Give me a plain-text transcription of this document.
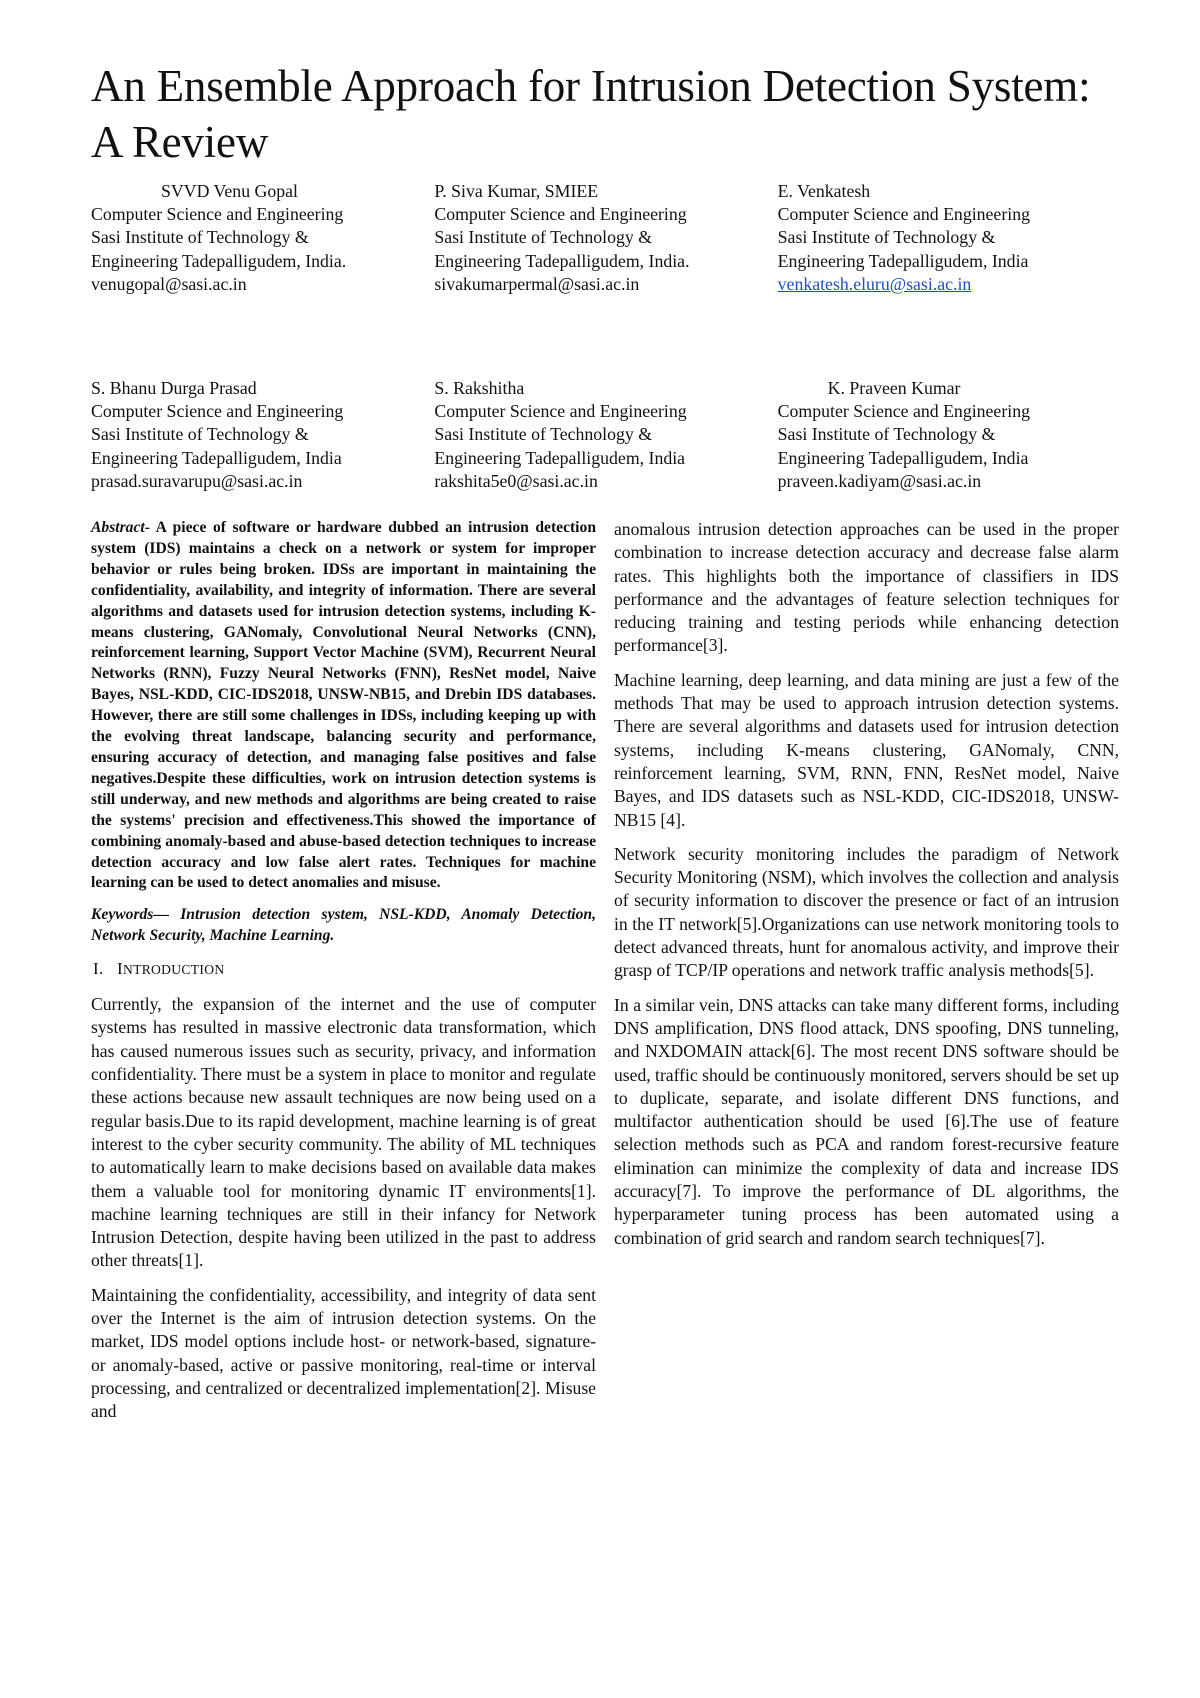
An Ensemble Approach for Intrusion Detection System: A Review
SVVD Venu Gopal
Computer Science and Engineering
Sasi Institute of Technology &
Engineering Tadepalligudem, India.
venugopal@sasi.ac.in
P. Siva Kumar, SMIEE
Computer Science and Engineering
Sasi Institute of Technology &
Engineering Tadepalligudem, India.
sivakumarpermal@sasi.ac.in
E. Venkatesh
Computer Science and Engineering
Sasi Institute of Technology &
Engineering Tadepalligudem, India
venkatesh.eluru@sasi.ac.in
S. Bhanu Durga Prasad
Computer Science and Engineering
Sasi Institute of Technology &
Engineering Tadepalligudem, India
prasad.suravarupu@sasi.ac.in
S. Rakshitha
Computer Science and Engineering
Sasi Institute of Technology &
Engineering Tadepalligudem, India
rakshita5e0@sasi.ac.in
K. Praveen Kumar
Computer Science and Engineering
Sasi Institute of Technology &
Engineering Tadepalligudem, India
praveen.kadiyam@sasi.ac.in

Abstract- A piece of software or hardware dubbed an intrusion detection system (IDS) maintains a check on a network or system for improper behavior or rules being broken. IDSs are important in maintaining the confidentiality, availability, and integrity of information. There are several algorithms and datasets used for intrusion detection systems, including K-means clustering, GANomaly, Convolutional Neural Networks (CNN), reinforcement learning, Support Vector Machine (SVM), Recurrent Neural Networks (RNN), Fuzzy Neural Networks (FNN), ResNet model, Naive Bayes, NSL-KDD, CIC-IDS2018, UNSW-NB15, and Drebin IDS databases. However, there are still some challenges in IDSs, including keeping up with the evolving threat landscape, balancing security and performance, ensuring accuracy of detection, and managing false positives and false negatives.Despite these difficulties, work on intrusion detection systems is still underway, and new methods and algorithms are being created to raise the systems' precision and effectiveness.This showed the importance of combining anomaly-based and abuse-based detection techniques to increase detection accuracy and low false alert rates. Techniques for machine learning can be used to detect anomalies and misuse.

Keywords— Intrusion detection system, NSL-KDD, Anomaly Detection, Network Security, Machine Learning.

I. INTRODUCTION

Currently, the expansion of the internet and the use of computer systems has resulted in massive electronic data transformation, which has caused numerous issues such as security, privacy, and information confidentiality. There must be a system in place to monitor and regulate these actions because new assault techniques are now being used on a regular basis.Due to its rapid development, machine learning is of great interest to the cyber security community. The ability of ML techniques to automatically learn to make decisions based on available data makes them a valuable tool for monitoring dynamic IT environments[1]. machine learning techniques are still in their infancy for Network Intrusion Detection, despite having been utilized in the past to address other threats[1].

Maintaining the confidentiality, accessibility, and integrity of data sent over the Internet is the aim of intrusion detection systems. On the market, IDS model options include host- or network-based, signature- or anomaly-based, active or passive monitoring, real-time or interval processing, and centralized or decentralized implementation[2]. Misuse and

anomalous intrusion detection approaches can be used in the proper combination to increase detection accuracy and decrease false alarm rates. This highlights both the importance of classifiers in IDS performance and the advantages of feature selection techniques for reducing training and testing periods while enhancing detection performance[3].

Machine learning, deep learning, and data mining are just a few of the methods That may be used to approach intrusion detection systems. There are several algorithms and datasets used for intrusion detection systems, including K-means clustering, GANomaly, CNN, reinforcement learning, SVM, RNN, FNN, ResNet model, Naive Bayes, and IDS datasets such as NSL-KDD, CIC-IDS2018, UNSW-NB15 [4].

Network security monitoring includes the paradigm of Network Security Monitoring (NSM), which involves the collection and analysis of security information to discover the presence or fact of an intrusion in the IT network[5].Organizations can use network monitoring tools to detect advanced threats, hunt for anomalous activity, and improve their grasp of TCP/IP operations and network traffic analysis methods[5].

In a similar vein, DNS attacks can take many different forms, including DNS amplification, DNS flood attack, DNS spoofing, DNS tunneling, and NXDOMAIN attack[6]. The most recent DNS software should be used, traffic should be continuously monitored, servers should be set up to duplicate, separate, and isolate different DNS functions, and multifactor authentication should be used [6].The use of feature selection methods such as PCA and random forest-recursive feature elimination can minimize the complexity of data and increase IDS accuracy[7]. To improve the performance of DL algorithms, the hyperparameter tuning process has been automated using a combination of grid search and random search techniques[7].
